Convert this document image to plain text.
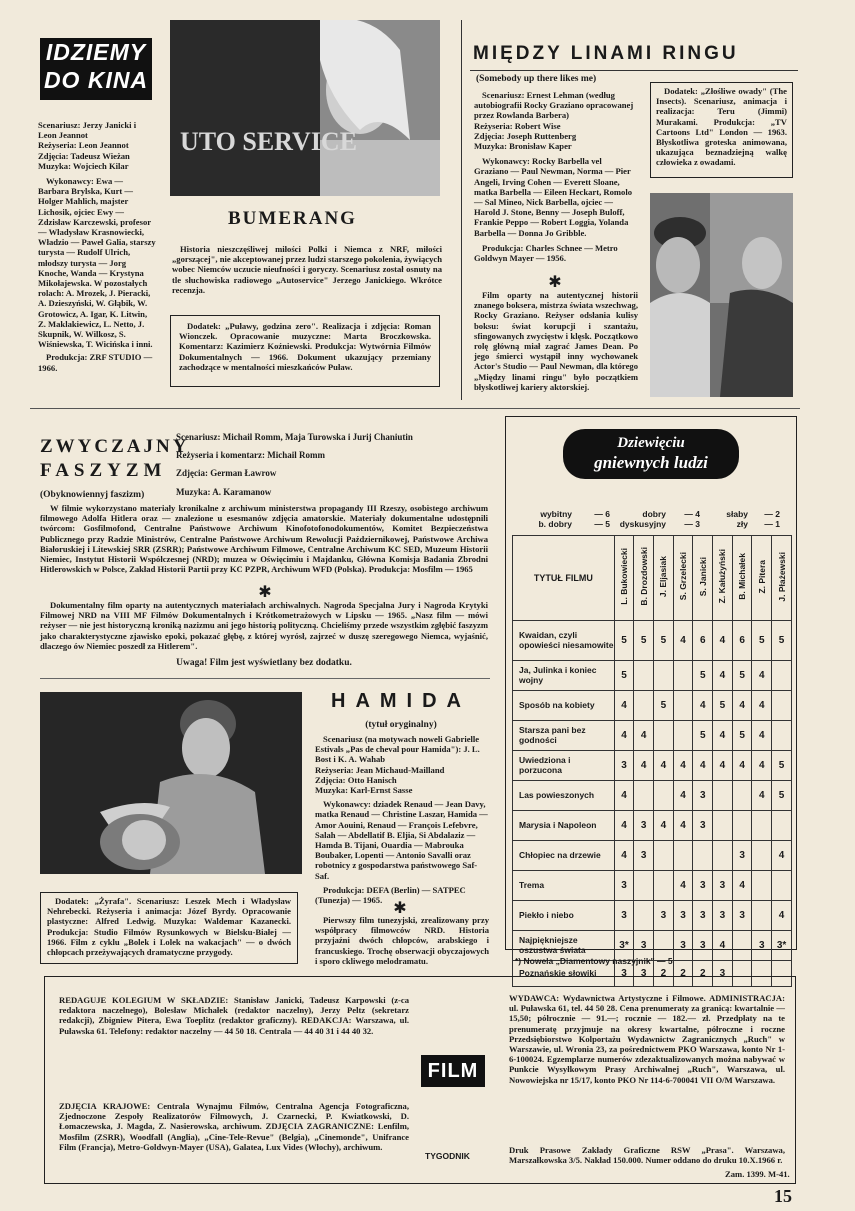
IDZIEMY
DO KINA
Scenariusz: Jerzy Janicki i Leon Jeannot
Reżyseria: Leon Jeannot
Zdjęcia: Tadeusz Wieżan
Muzyka: Wojciech Kilar
Wykonawcy: Ewa — Barbara Brylska, Kurt — Holger Mahlich, majster Lichosik, ojciec Ewy — Zdzisław Karczewski, profesor — Władysław Krasnowiecki, Władzio — Paweł Galia, starszy turysta — Rudolf Ulrich, młodszy turysta — Jorg Knoche, Wanda — Krystyna Mikołajewska. W pozostałych rolach: A. Mrozek, J. Pieracki, A. Dzieszyński, W. Głąbik, W. Grotowicz, A. Igar, K. Litwin, Z. Maklakiewicz, L. Netto, J. Skupnik, W. Wilkosz, S. Wiśniewska, T. Wicińska i inni.
Produkcja: ZRF STUDIO — 1966.
UTO SERVICE
BUMERANG
Historia nieszczęśliwej miłości Polki i Niemca z NRF, miłości „gorszącej", nie akceptowanej przez ludzi starszego pokolenia, żywiących wobec Niemców uczucie nieufności i goryczy. Scenariusz został osnuty na tle słuchowiska radiowego „Autoservice" Jerzego Janickiego. Wkrótce recenzja.
Dodatek: „Puławy, godzina zero". Realizacja i zdjęcia: Roman Wionczek. Opracowanie muzyczne: Marta Broczkowska. Komentarz: Kazimierz Koźniewski. Produkcja: Wytwórnia Filmów Dokumentalnych — 1966. Dokument ukazujący przemiany zachodzące w mentalności mieszkańców Puław.
MIĘDZY LINAMI RINGU
(Somebody up there likes me)
Scenariusz: Ernest Lehman (według autobiografii Rocky Graziano opracowanej przez Rowlanda Barbera)
Reżyseria: Robert Wise
Zdjęcia: Joseph Ruttenberg
Muzyka: Bronisław Kaper
Wykonawcy: Rocky Barbella vel Graziano — Paul Newman, Norma — Pier Angeli, Irving Cohen — Everett Sloane, matka Barbella — Eileen Heckart, Romolo — Sal Mineo, Nick Barbella, ojciec — Harold J. Stone, Benny — Joseph Buloff, Frankie Peppo — Robert Loggia, Yolanda Barbella — Donna Jo Gribble.
Produkcja: Charles Schnee — Metro Goldwyn Mayer — 1956.
✱
Film oparty na autentycznej historii znanego boksera, mistrza świata wszechwag, Rocky Graziano. Reżyser odsłania kulisy boksu: świat korupcji i szantażu, sfingowanych zwycięstw i klęsk. Początkowo rolę główną miał zagrać James Dean. Po jego śmierci wystąpił inny wychowanek Actor's Studio — Paul Newman, dla którego „Między linami ringu" było początkiem błyskotliwej kariery aktorskiej.
Dodatek: „Złośliwe owady" (The Insects). Scenariusz, animacja i realizacja: Teru (Jimmi) Murakami. Produkcja: „TV Cartoons Ltd" London — 1963. Błyskotliwa groteska animowana, ukazująca beznadziejną walkę człowieka z owadami.
ZWYCZAJNY
FASZYZM
Scenariusz: Michail Romm, Maja Turowska i Jurij Chaniutin
Reżyseria i komentarz: Michail Romm
Zdjęcia: German Ławrow
Muzyka: A. Karamanow
(Obyknowiennyj faszizm)
W filmie wykorzystano materiały kronikalne z archiwum ministerstwa propagandy III Rzeszy, osobistego archiwum filmowego Adolfa Hitlera oraz — znalezione u esesmanów zdjęcia amatorskie. Materiały dokumentalne udostępnili twórcom: Gosfilmofond, Centralne Państwowe Archiwum Kinofotofonodokumentów, Komitet Bezpieczeństwa Publicznego przy Radzie Ministrów, Centralne Państwowe Archiwum Rewolucji Październikowej, Państwowe Archiwa Białoruskiej i Litewskiej SRR (ZSRR); Państwowe Archiwum Filmowe, Centralne Archiwum KC SED, Muzeum Historii Niemiec, Instytut Historii Współczesnej (NRD); muzea w Oświęcimiu i Majdanku, Główna Komisja Badania Zbrodni Hitlerowskich w Polsce, Zakład Historii Partii przy KC PZPR, Archiwum WFD (Polska). Produkcja: Mosfilm — 1965
✱
Dokumentalny film oparty na autentycznych materiałach archiwalnych. Nagroda Specjalna Jury i Nagroda Krytyki Filmowej NRD na VIII MF Filmów Dokumentalnych i Krótkometrażowych w Lipsku — 1965. „Nasz film — mówi reżyser — nie jest historyczną kroniką nazizmu ani jego historią polityczną. Chcieliśmy przede wszystkim zgłębić faszyzm jako charakterystyczne zjawisko epoki, pokazać głębę, z której wyrósł, zajrzeć w duszę szeregowego Niemca, wyjaśnić, dlaczego ów Niemiec poszedł za Hitlerem".
Uwaga! Film jest wyświetlany bez dodatku.
HAMIDA
(tytuł oryginalny)
Scenariusz (na motywach noweli Gabrielle Estivals „Pas de cheval pour Hamida"): J. L. Bost i K. A. Wahab
Reżyseria: Jean Michaud-Mailland
Zdjęcia: Otto Hanisch
Muzyka: Karl-Ernst Sasse
Wykonawcy: dziadek Renaud — Jean Davy, matka Renaud — Christine Laszar, Hamida — Amor Aouini, Renaud — François Lefebvre, Salah — Abdellatif B. Eljia, Si Abdalaziz — Hamda B. Tijani, Ouardia — Mabrouka Boubaker, Lopenti — Antonio Savalli oraz robotnicy z gospodarstwa państwowego Saf-Saf.
Produkcja: DEFA (Berlin) — SATPEC (Tunezja) — 1965. ✱
Pierwszy film tunezyjski, zrealizowany przy współpracy filmowców NRD. Historia przyjaźni dwóch chłopców, arabskiego i francuskiego. Trochę obserwacji obyczajowych i sporo ckliwego melodramatu.
Dodatek: „Żyrafa". Scenariusz: Leszek Mech i Władysław Nehrebecki. Reżyseria i animacja: Józef Byrdy. Opracowanie plastyczne: Alfred Ledwig. Muzyka: Waldemar Kazanecki. Produkcja: Studio Filmów Rysunkowych w Bielsku-Białej — 1966. Film z cyklu „Bolek i Lolek na wakacjach" — o dwóch chłopcach przeżywających dramatyczne przygody.
Dziewięciu
gniewnych ludzi
wybitny	— 6	dobry	— 4	słaby	— 2
b. dobry	— 5	dyskusyjny	— 3	zły	— 1
TYTUŁ FILMU	L. Bukowiecki	B. Drozdowski	J. Eljasiak	S. Grzelecki	S. Janicki	Z. Kałużyński	B. Michałek	Z. Pitera	J. Płażewski
Kwaidan, czyli opowieści niesamowite	5	5	5	4	6	4	6	5	5
Ja, Julinka i koniec wojny	5				5	4	5	4	
Sposób na kobiety	4		5		4	5	4	4	
Starsza pani bez godności	4	4			5	4	5	4	
Uwiedziona i porzucona	3	4	4	4	4	4	4	4	5
Las powieszonych	4			4	3			4	5
Marysia i Napoleon	4	3	4	4	3				
Chłopiec na drzewie	4	3					3		4
Trema	3			4	3	3	4		
Piekło i niebo	3		3	3	3	3	3		4
Najpiękniejsze oszustwa świata	3*	3		3	3	4		3	3*
Poznańskie słowiki	3	3	2	2	2	3			
*) Nowela „Diamentowy naszyjnik" — 5
REDAGUJE KOLEGIUM W SKŁADZIE: Stanisław Janicki, Tadeusz Karpowski (z-ca redaktora naczelnego), Bolesław Michałek (redaktor naczelny), Jerzy Peltz (sekretarz redakcji), Zbigniew Pitera, Ewa Toeplitz (redaktor graficzny). REDAKCJA: Warszawa, ul. Puławska 61. Telefony: redaktor naczelny — 44 50 18. Centrala — 44 40 31 i 44 40 32.
ZDJĘCIA KRAJOWE: Centrala Wynajmu Filmów, Centralna Agencja Fotograficzna, Zjednoczone Zespoły Realizatorów Filmowych, J. Czarnecki, P. Kwiatkowski, D. Łomaczewska, J. Magda, Z. Nasierowska, archiwum. ZDJĘCIA ZAGRANICZNE: Lenfilm, Mosfilm (ZSRR), Woodfall (Anglia), „Cine-Tele-Revue" (Belgia), „Cinemonde", Unifrance Film (Francja), Metro-Goldwyn-Mayer (USA), Galatea, Lux Vides (Włochy), archiwum.
FILM
TYGODNIK
WYDAWCA: Wydawnictwa Artystyczne i Filmowe. ADMINISTRACJA: ul. Puławska 61, tel. 44 50 28. Cena prenumeraty za granicą: kwartalnie — 15,50; półrocznie — 91.—; rocznie — 182.— zł. Przedpłaty na te prenumeratę przyjmuje na okresy kwartalne, półroczne i roczne Przedsiębiorstwo Kolportażu Wydawnictw Zagranicznych „Ruch" w Warszawie, ul. Wronia 23, za pośrednictwem PKO Warszawa, konto Nr 1-6-100024. Egzemplarze numerów zdezaktualizowanych można nabywać w Punkcie Wysyłkowym Prasy Archiwalnej „Ruch", Warszawa, ul. Nowowiejska nr 15/17, konto PKO Nr 114-6-700041 VII O/M Warszawa.
Druk Prasowe Zakłady Graficzne RSW „Prasa". Warszawa, Marszałkowska 3/5. Nakład 150.000. Numer oddano do druku 10.X.1966 r.
Zam. 1399. M-41.
15
